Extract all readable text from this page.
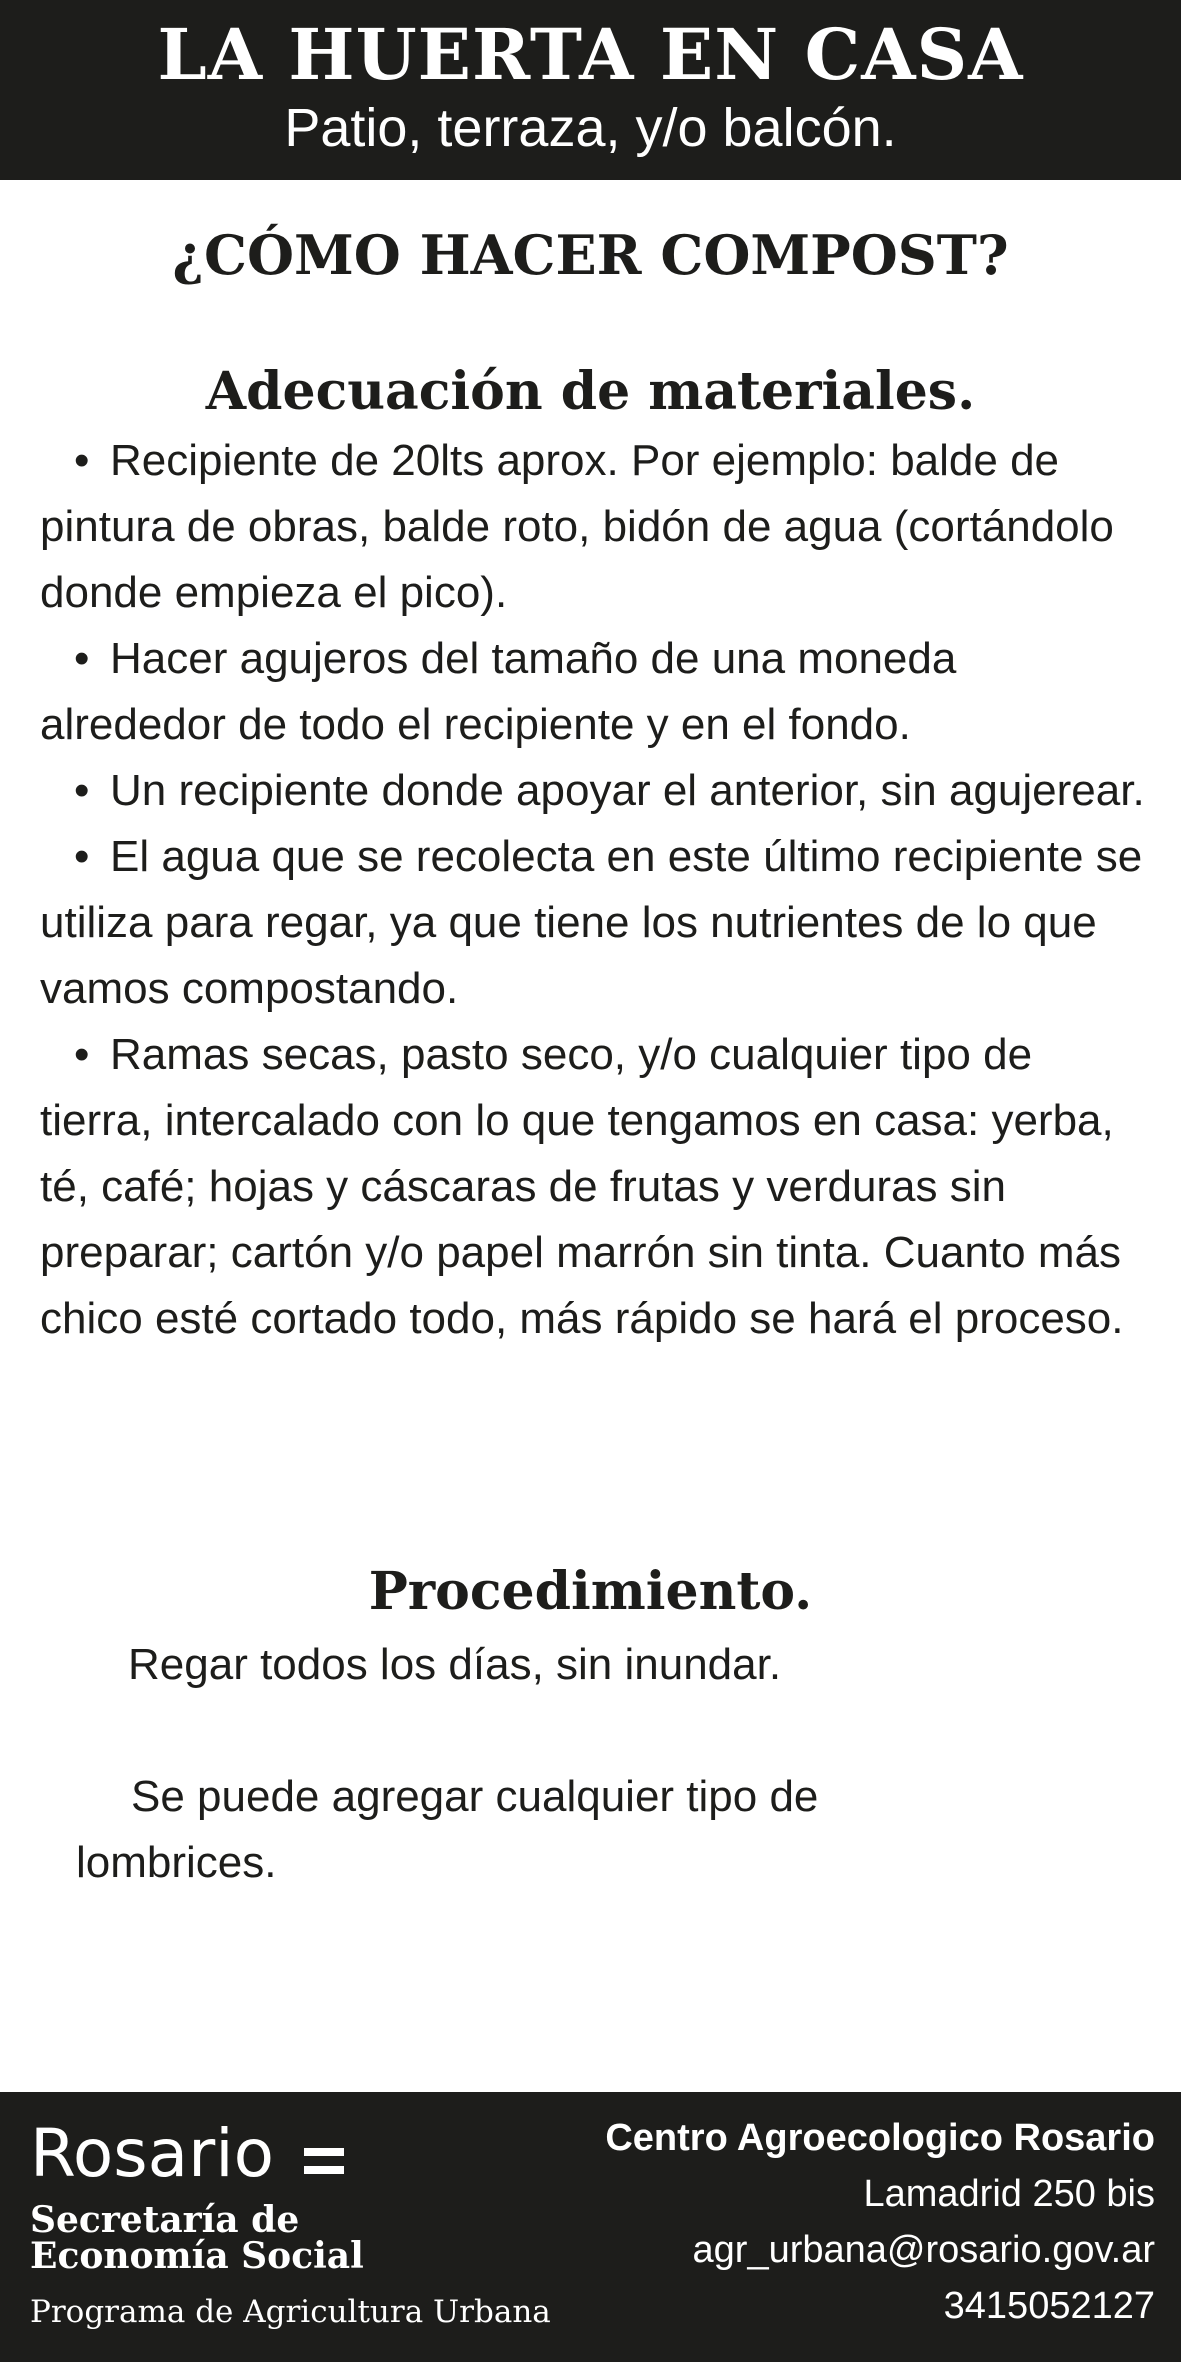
LA HUERTA EN CASA
Patio, terraza, y/o balcón.
¿CÓMO HACER COMPOST?
Adecuación de materiales.
• Recipiente de 20lts aprox. Por ejemplo: balde de pintura de obras, balde roto, bidón de agua (cortándolo donde empieza el pico).
• Hacer agujeros del tamaño de una moneda alrededor de todo el recipiente y en el fondo.
• Un recipiente donde apoyar el anterior, sin agujerear.
• El agua que se recolecta en este último recipiente se utiliza para regar, ya que tiene los nutrientes de lo que vamos compostando.
• Ramas secas, pasto seco, y/o cualquier tipo de tierra, intercalado con lo que tengamos en casa: yerba, té, café; hojas y cáscaras de frutas y verduras sin preparar; cartón y/o papel marrón sin tinta. Cuanto más chico esté cortado todo, más rápido se hará el proceso.
Procedimiento.
Regar todos los días, sin inundar.
Se puede agregar cualquier tipo de lombrices.
Rosario
Secretaría de
Economía Social
Programa de Agricultura Urbana
Centro Agroecologico Rosario
Lamadrid 250 bis
agr_urbana@rosario.gov.ar
3415052127
